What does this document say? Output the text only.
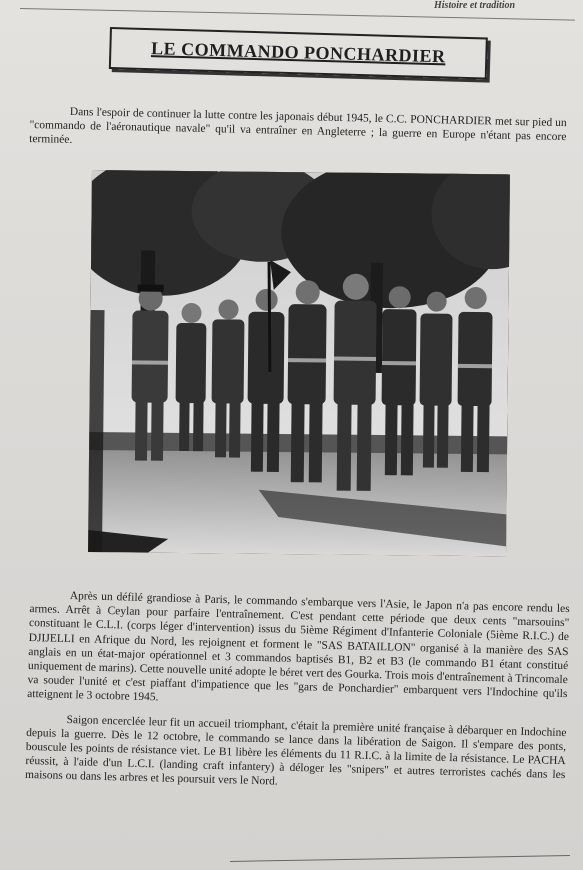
Histoire et tradition
LE COMMANDO PONCHARDIER

Dans l'espoir de continuer la lutte contre les japonais début 1945, le C.C. PONCHARDIER met sur pied un "commando de l'aéronautique navale" qu'il va entraîner en Angleterre ; la guerre en Europe n'étant pas encore terminée.

Après un défilé grandiose à Paris, le commando s'embarque vers l'Asie, le Japon n'a pas encore rendu les armes. Arrêt à Ceylan pour parfaire l'entraînement. C'est pendant cette période que deux cents "marsouins" constituant le C.L.I. (corps léger d'intervention) issus du 5ième Régiment d'Infanterie Coloniale (5ième R.I.C.) de DJIJELLI en Afrique du Nord, les rejoignent et forment le "SAS BATAILLON" organisé à la manière des SAS anglais en un état-major opérationnel et 3 commandos baptisés B1, B2 et B3 (le commando B1 étant constitué uniquement de marins). Cette nouvelle unité adopte le béret vert des Gourka. Trois mois d'entraînement à Trincomale va souder l'unité et c'est piaffant d'impatience que les "gars de Ponchardier" embarquent vers l'Indochine qu'ils atteignent le 3 octobre 1945.

Saigon encerclée leur fit un accueil triomphant, c'était la première unité française à débarquer en Indochine depuis la guerre. Dès le 12 octobre, le commando se lance dans la libération de Saigon. Il s'empare des ponts, bouscule les points de résistance viet. Le B1 libère les éléments du 11 R.I.C. à la limite de la résistance. Le PACHA réussit, à l'aide d'un L.C.I. (landing craft infantery) à déloger les "snipers" et autres terroristes cachés dans les maisons ou dans les arbres et les poursuit vers le Nord.
